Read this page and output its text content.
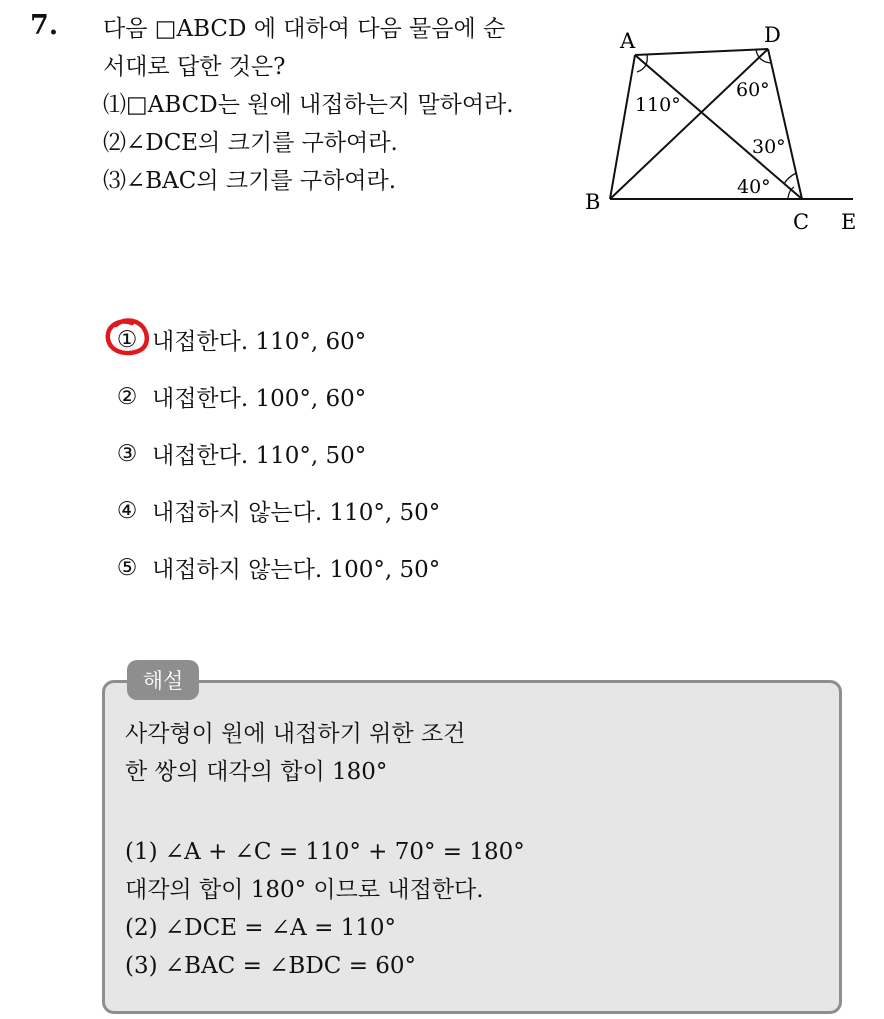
7. 다음 □ABCD 에 대하여 다음 물음에 순
서대로 답한 것은?
⑴□ABCD는 원에 내접하는지 말하여라.
⑵∠DCE의 크기를 구하여라.
⑶∠BAC의 크기를 구하여라.
A	D
B
C E
110°
60°
30°
40°
① 내접한다. 110°, 60°
② 내접한다. 100°, 60°
③ 내접한다. 110°, 50°
④ 내접하지 않는다. 110°, 50°
⑤ 내접하지 않는다. 100°, 50°
해설
사각형이 원에 내접하기 위한 조건
한 쌍의 대각의 합이 180°
(1) ∠A + ∠C = 110° + 70° = 180°
대각의 합이 180° 이므로 내접한다.
(2) ∠DCE = ∠A = 110°
(3) ∠BAC = ∠BDC = 60°
